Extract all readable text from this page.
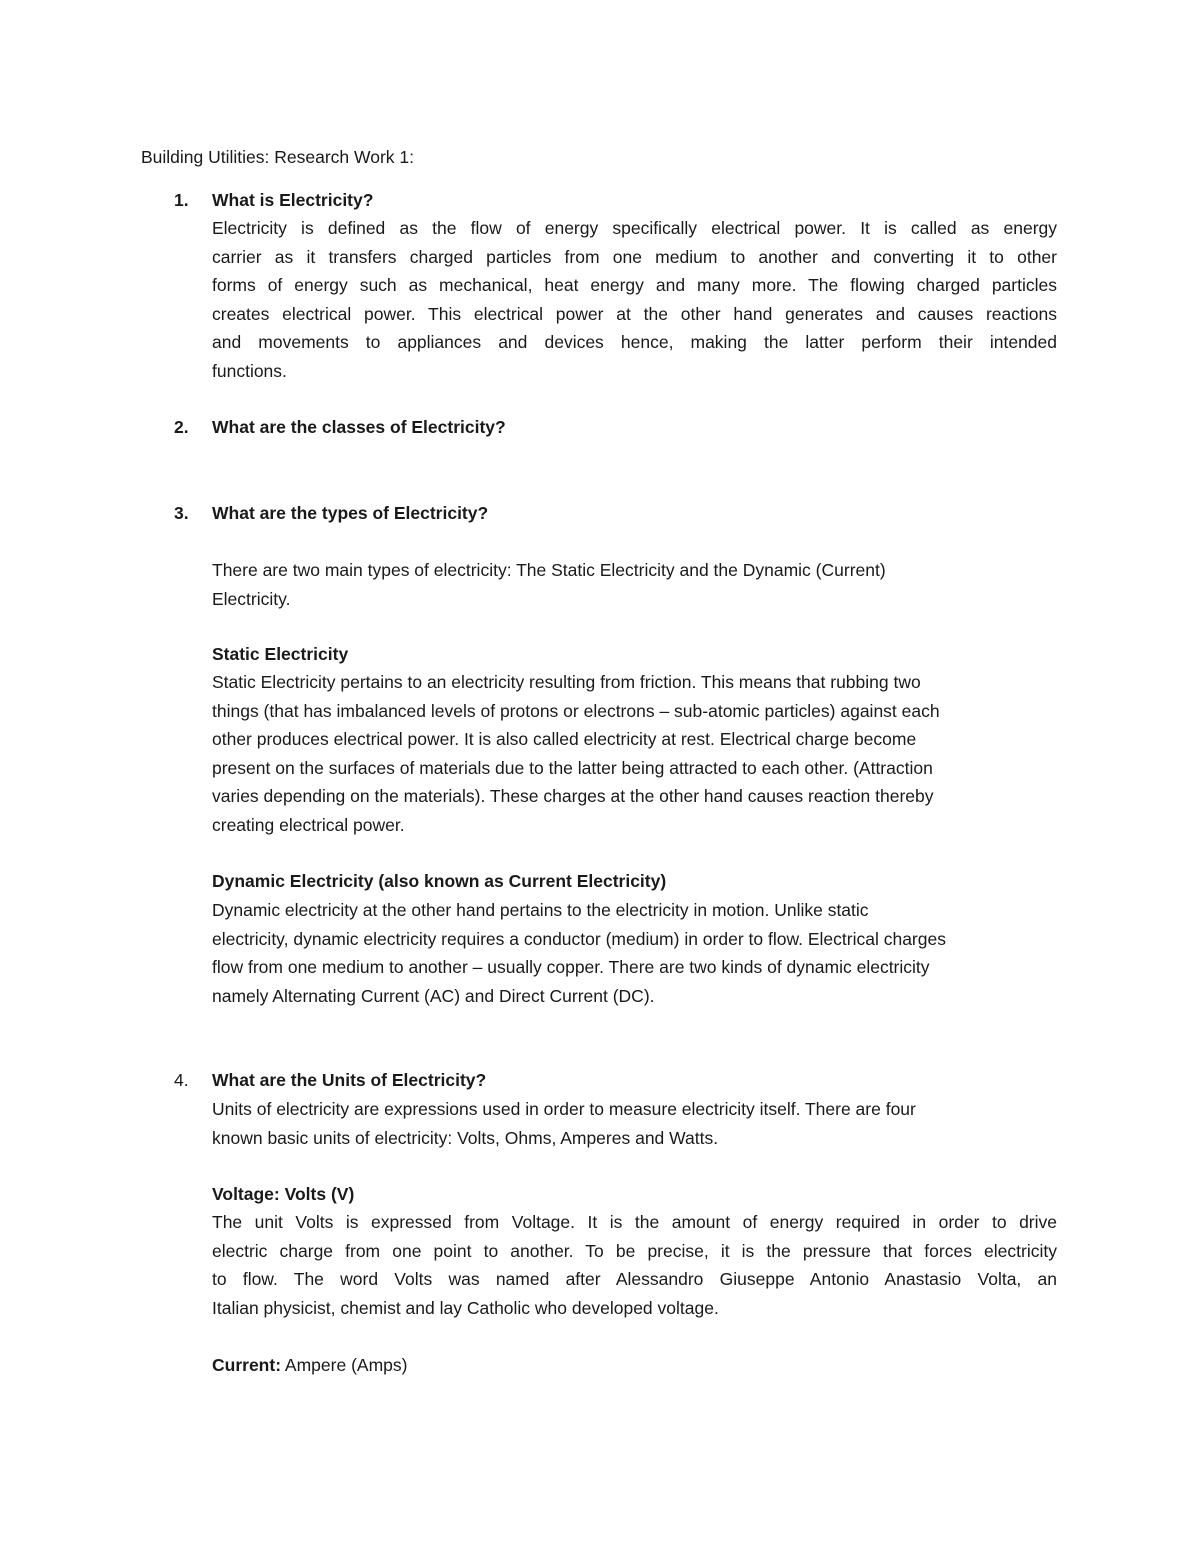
Building Utilities: Research Work 1:
1. What is Electricity?
Electricity is defined as the flow of energy specifically electrical power. It is called as energy
carrier as it transfers charged particles from one medium to another and converting it to other
forms of energy such as mechanical, heat energy and many more. The flowing charged particles
creates electrical power. This electrical power at the other hand generates and causes reactions
and movements to appliances and devices hence, making the latter perform their intended
functions.
2. What are the classes of Electricity?
3. What are the types of Electricity?
There are two main types of electricity: The Static Electricity and the Dynamic (Current)
Electricity.
Static Electricity
Static Electricity pertains to an electricity resulting from friction. This means that rubbing two
things (that has imbalanced levels of protons or electrons – sub-atomic particles) against each
other produces electrical power. It is also called electricity at rest. Electrical charge become
present on the surfaces of materials due to the latter being attracted to each other. (Attraction
varies depending on the materials). These charges at the other hand causes reaction thereby
creating electrical power.
Dynamic Electricity (also known as Current Electricity)
Dynamic electricity at the other hand pertains to the electricity in motion. Unlike static
electricity, dynamic electricity requires a conductor (medium) in order to flow. Electrical charges
flow from one medium to another – usually copper. There are two kinds of dynamic electricity
namely Alternating Current (AC) and Direct Current (DC).
4. What are the Units of Electricity?
Units of electricity are expressions used in order to measure electricity itself. There are four
known basic units of electricity: Volts, Ohms, Amperes and Watts.
Voltage: Volts (V)
The unit Volts is expressed from Voltage. It is the amount of energy required in order to drive
electric charge from one point to another. To be precise, it is the pressure that forces electricity
to flow. The word Volts was named after Alessandro Giuseppe Antonio Anastasio Volta, an
Italian physicist, chemist and lay Catholic who developed voltage.
Current: Ampere (Amps)
